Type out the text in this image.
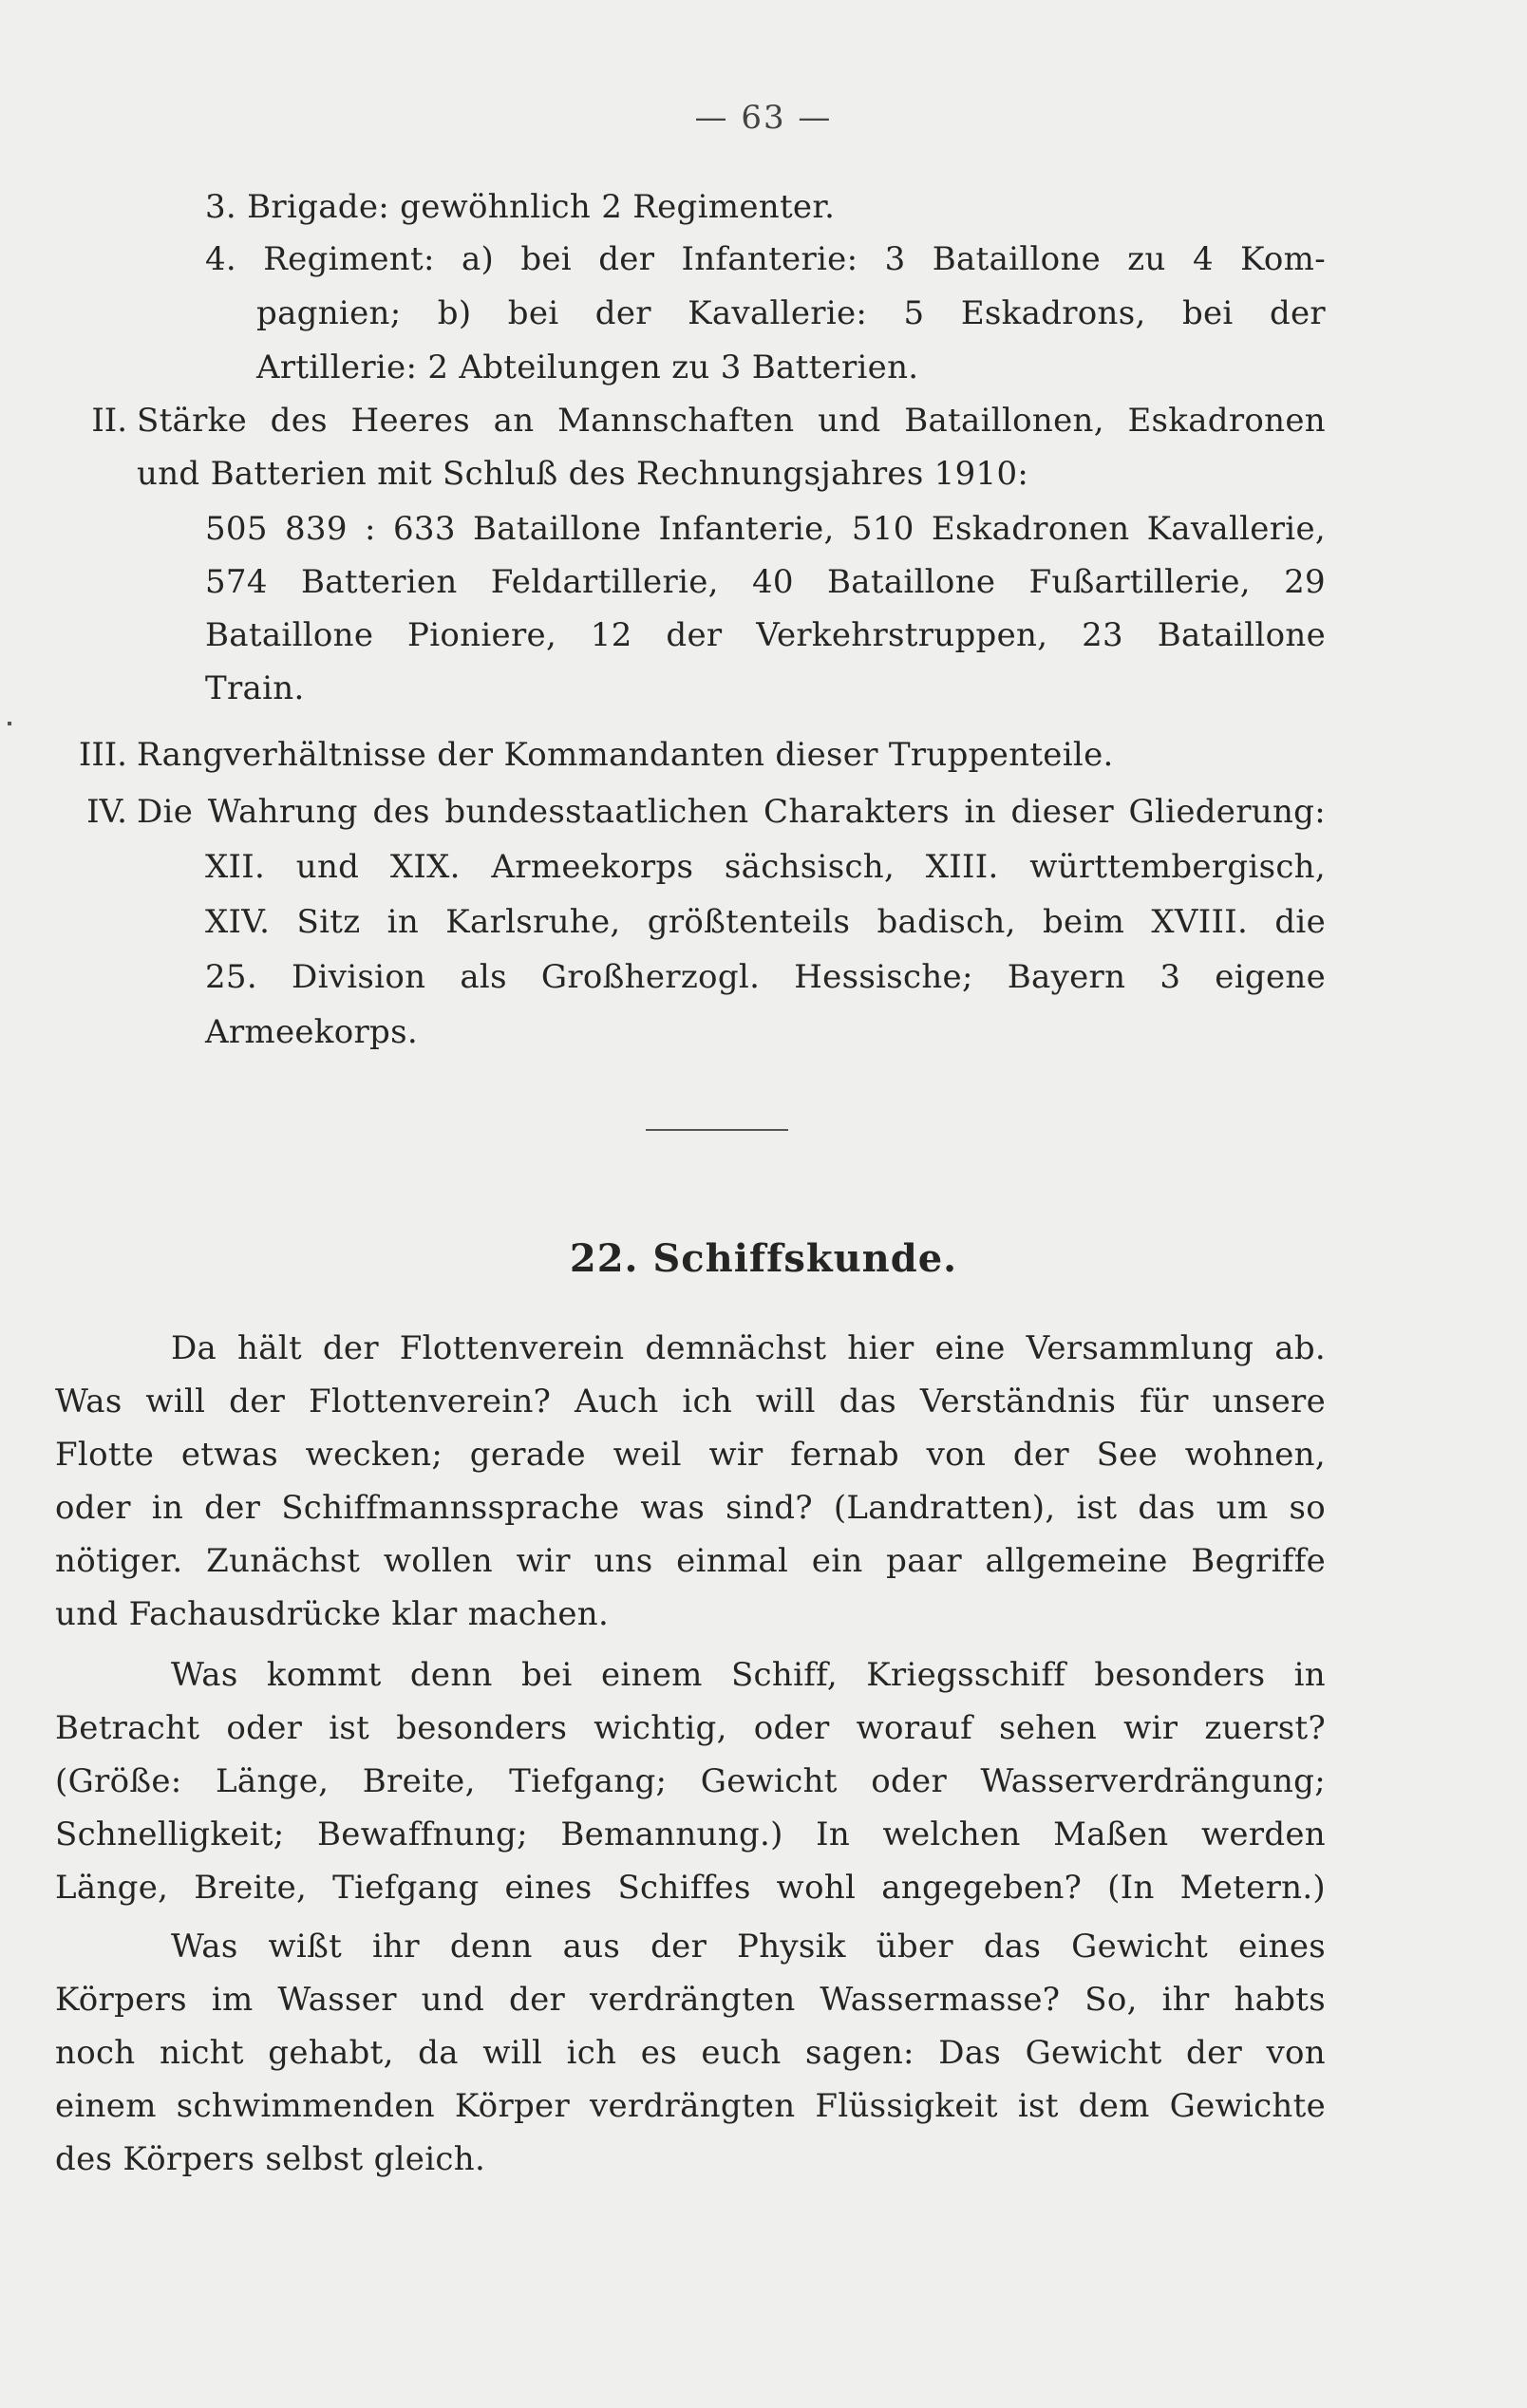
— 63 —
3. Brigade: gewöhnlich 2 Regimenter.
4. Regiment: a) bei der Infanterie: 3 Bataillone zu 4 Kom-
pagnien; b) bei der Kavallerie: 5 Eskadrons, bei der
Artillerie: 2 Abteilungen zu 3 Batterien.
II. Stärke des Heeres an Mannschaften und Bataillonen, Eskadronen
und Batterien mit Schluß des Rechnungsjahres 1910:
505 839 : 633 Bataillone Infanterie, 510 Eskadronen Kavallerie,
574 Batterien Feldartillerie, 40 Bataillone Fußartillerie, 29
Bataillone Pioniere, 12 der Verkehrstruppen, 23 Bataillone
Train.
III. Rangverhältnisse der Kommandanten dieser Truppenteile.
IV. Die Wahrung des bundesstaatlichen Charakters in dieser Gliederung:
XII. und XIX. Armeekorps sächsisch, XIII. württembergisch,
XIV. Sitz in Karlsruhe, größtenteils badisch, beim XVIII. die
25. Division als Großherzogl. Hessische; Bayern 3 eigene
Armeekorps.
22. Schiffskunde.
Da hält der Flottenverein demnächst hier eine Versammlung ab.
Was will der Flottenverein? Auch ich will das Verständnis für unsere
Flotte etwas wecken; gerade weil wir fernab von der See wohnen,
oder in der Schiffmannssprache was sind? (Landratten), ist das um so
nötiger. Zunächst wollen wir uns einmal ein paar allgemeine Begriffe
und Fachausdrücke klar machen.
Was kommt denn bei einem Schiff, Kriegsschiff besonders in
Betracht oder ist besonders wichtig, oder worauf sehen wir zuerst?
(Größe: Länge, Breite, Tiefgang; Gewicht oder Wasserverdrängung;
Schnelligkeit; Bewaffnung; Bemannung.) In welchen Maßen werden
Länge, Breite, Tiefgang eines Schiffes wohl angegeben? (In Metern.)
Was wißt ihr denn aus der Physik über das Gewicht eines
Körpers im Wasser und der verdrängten Wassermasse? So, ihr habts
noch nicht gehabt, da will ich es euch sagen: Das Gewicht der von
einem schwimmenden Körper verdrängten Flüssigkeit ist dem Gewichte
des Körpers selbst gleich.
